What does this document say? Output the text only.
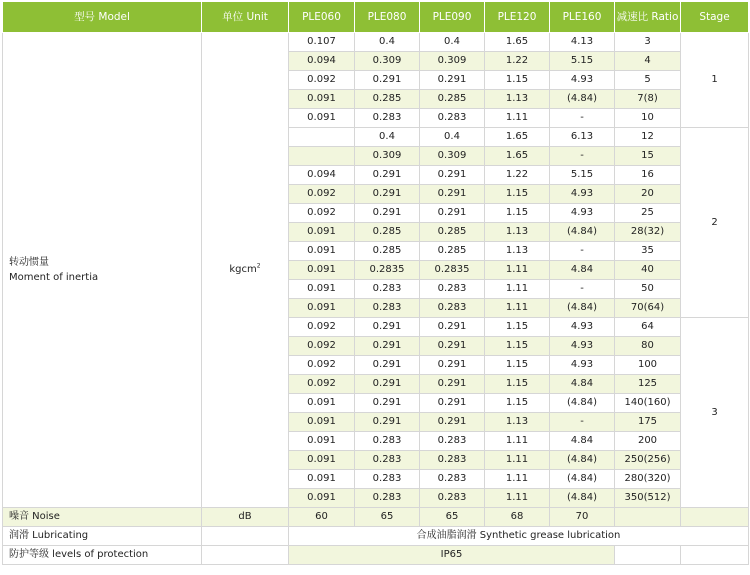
型号 Model	单位 Unit	PLE060	PLE080	PLE090	PLE120	PLE160	减速比 Ratio	Stage

转动惯量
Moment of inertia	kgcm$^2$	0.107	0.4	0.4	1.65	4.13	3	1
		0.094	0.309	0.309	1.22	5.15	4	
		0.092	0.291	0.291	1.15	4.93	5	
		0.091	0.285	0.285	1.13	(4.84)	7(8)	
		0.091	0.283	0.283	1.11	-	10	
			0.4	0.4	1.65	6.13	12	2
			0.309	0.309	1.65	-	15	
		0.094	0.291	0.291	1.22	5.15	16	
		0.092	0.291	0.291	1.15	4.93	20	
		0.092	0.291	0.291	1.15	4.93	25	
		0.091	0.285	0.285	1.13	(4.84)	28(32)	
		0.091	0.285	0.285	1.13	-	35	
		0.091	0.2835	0.2835	1.11	4.84	40	
		0.091	0.283	0.283	1.11	-	50	
		0.091	0.283	0.283	1.11	(4.84)	70(64)	
		0.092	0.291	0.291	1.15	4.93	64	3
		0.092	0.291	0.291	1.15	4.93	80	
		0.092	0.291	0.291	1.15	4.93	100	
		0.092	0.291	0.291	1.15	4.84	125	
		0.091	0.291	0.291	1.15	(4.84)	140(160)	
		0.091	0.291	0.291	1.13	-	175	
		0.091	0.283	0.283	1.11	4.84	200	
		0.091	0.283	0.283	1.11	(4.84)	250(256)	
		0.091	0.283	0.283	1.11	(4.84)	280(320)	
		0.091	0.283	0.283	1.11	(4.84)	350(512)	
噪音 Noise	dB	60	65	65	68	70		
润滑 Lubricating		合成油脂润滑 Synthetic grease lubrication						
防护等级 levels of protection		IP65						
